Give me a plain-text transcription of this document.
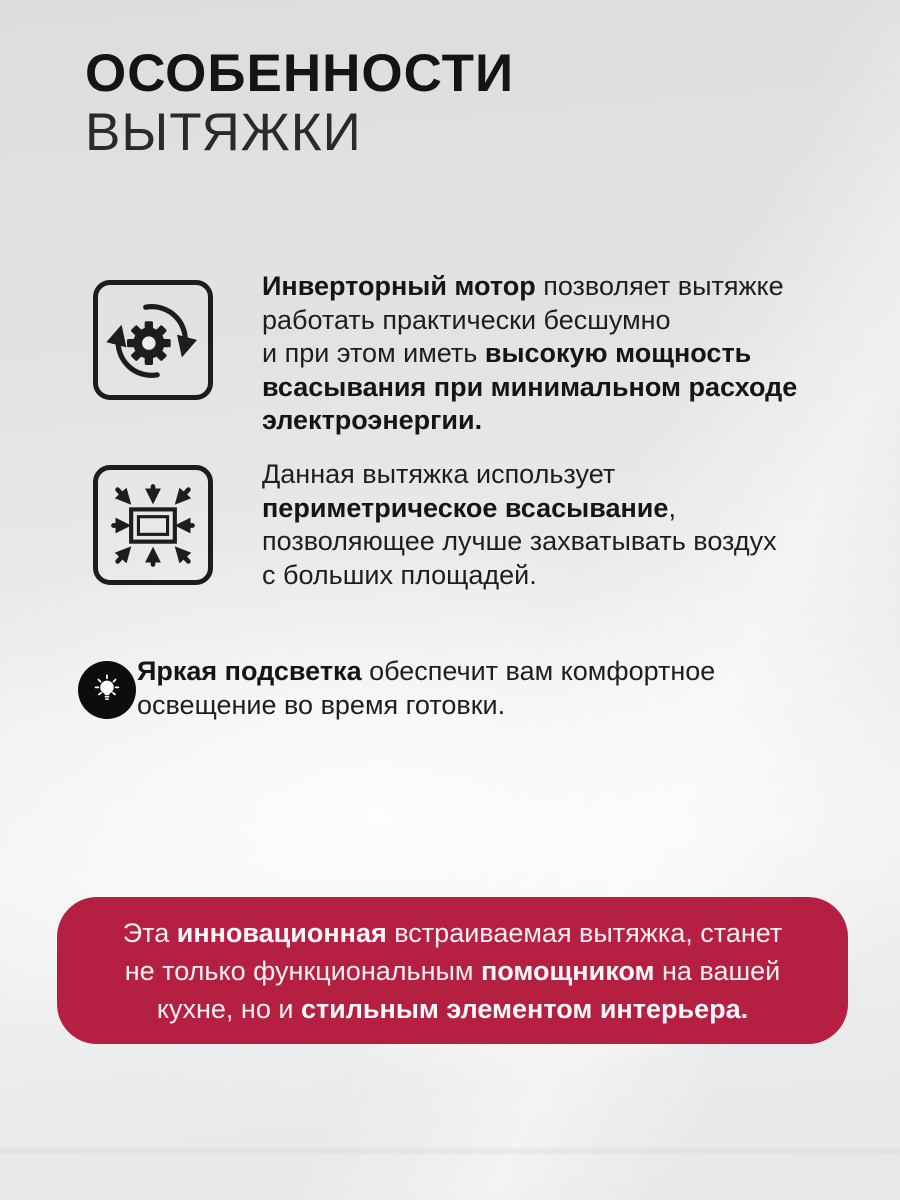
ОСОБЕННОСТИ
ВЫТЯЖКИ

Инверторный мотор позволяет вытяжке
работать практически бесшумно
и при этом иметь высокую мощность
всасывания при минимальном расходе
электроэнергии.

Данная вытяжка использует
периметрическое всасывание,
позволяющее лучше захватывать воздух
с больших площадей.

Яркая подсветка обеспечит вам комфортное
освещение во время готовки.

Эта инновационная встраиваемая вытяжка, станет
не только функциональным помощником на вашей
кухне, но и стильным элементом интерьера.
